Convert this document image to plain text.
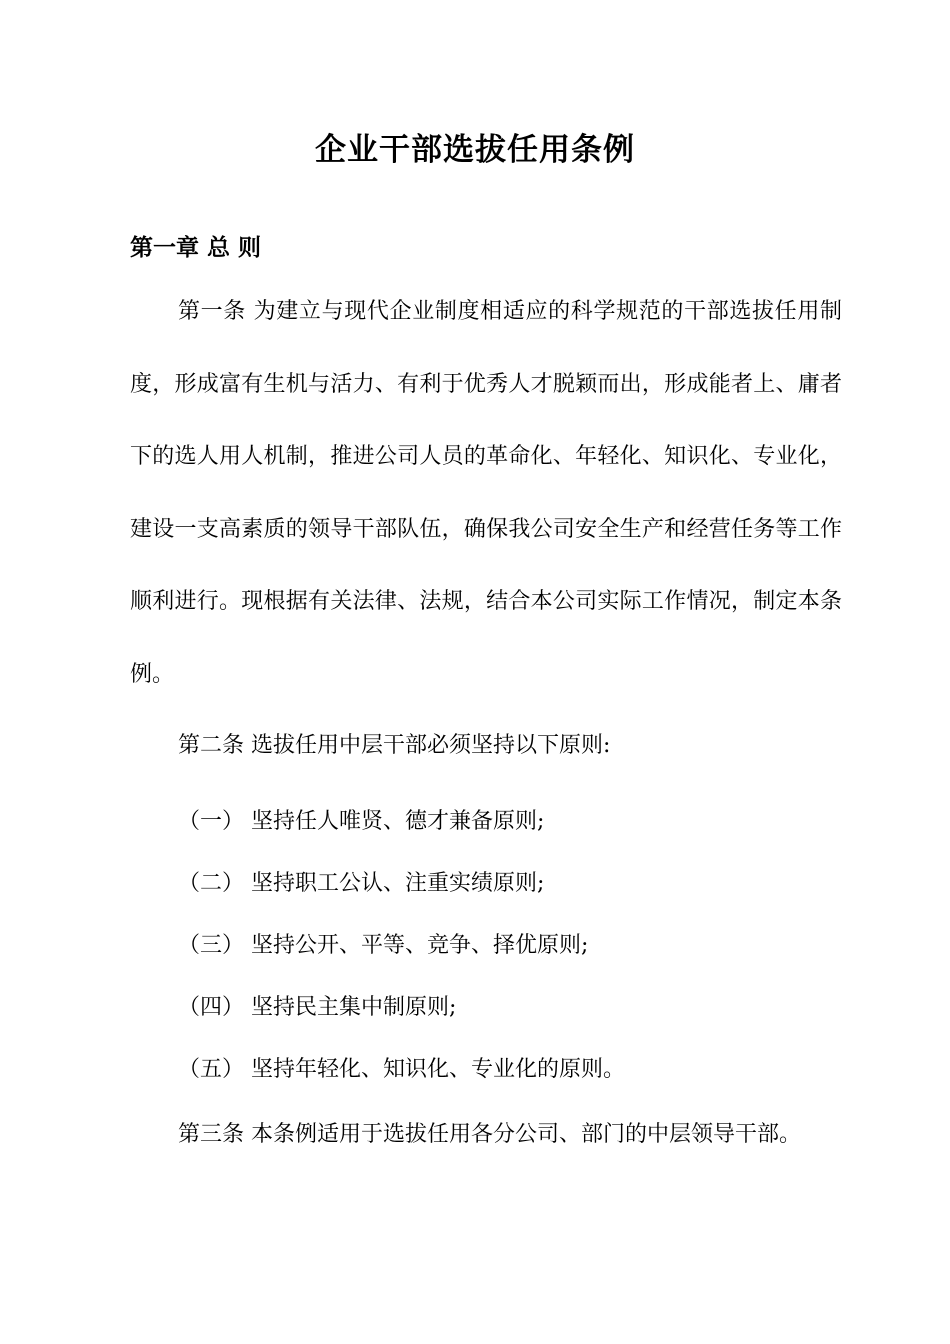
企业干部选拔任用条例
第一章 总 则

第一条 为建立与现代企业制度相适应的科学规范的干部选拔任用制度，形成富有生机与活力、有利于优秀人才脱颖而出，形成能者上、庸者下的选人用人机制，推进公司人员的革命化、年轻化、知识化、专业化，建设一支高素质的领导干部队伍，确保我公司安全生产和经营任务等工作顺利进行。现根据有关法律、法规，结合本公司实际工作情况，制定本条例。

第二条 选拔任用中层干部必须坚持以下原则:

（一） 坚持任人唯贤、德才兼备原则;

（二） 坚持职工公认、注重实绩原则;

（三） 坚持公开、平等、竞争、择优原则;

（四） 坚持民主集中制原则;

（五） 坚持年轻化、知识化、专业化的原则。

第三条 本条例适用于选拔任用各分公司、部门的中层领导干部。
